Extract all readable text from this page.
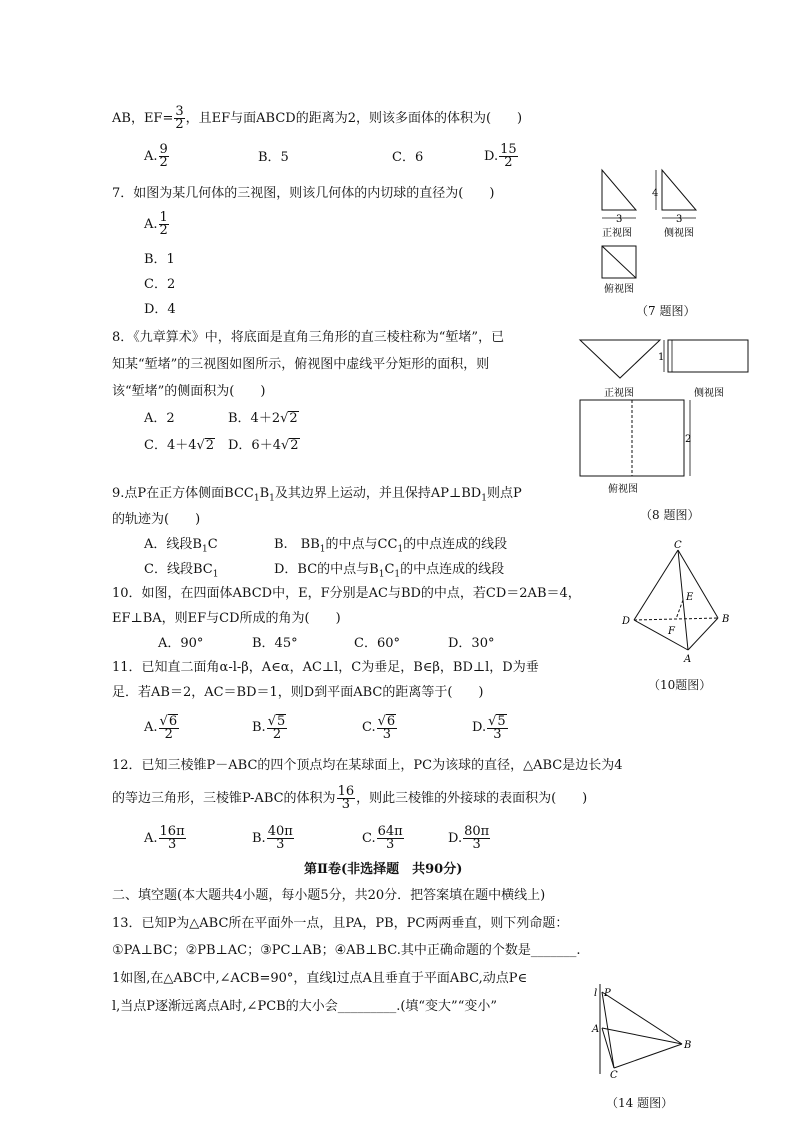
AB，$EF= \frac{3}{2}$ ，且EF与面ABCD的距离为2，则该多面体的体积为(　　)
A. $\frac{9}{2}$	B．5	C．6	D. $\frac{15}{2}$
7．如图为某几何体的三视图，则该几何体的内切球的直径为(　　)
A. $\frac{1}{2}$
B．1
C．2
D．4
3
正视图
4
3
侧视图
俯视图
（7 题图）
8．《九章算术》中，将底面是直角三角形的直三棱柱称为“堑堵”，已
知某“堑堵”的三视图如图所示，俯视图中虚线平分矩形的面积，则
该“堑堵”的侧面积为(　　)
A．2	B．4＋2 √ 2
C．4＋4 √ 2 D．6＋4 √ 2
正视图
1
侧视图
2
俯视图
（8 题图）
9.点P在正方体侧面$BCC_1B_1$及其边界上运动，并且保持$AP\perp BD_1$则点P
的轨迹为(　　)
A．线段$B_1C$	B.　$BB_1$的中点与$CC_1$的中点连成的线段
C．线段$BC_1$	D．BC的中点与$B_1C_1$的中点连成的线段
10．如图，在四面体ABCD中，E，F分别是AC与BD的中点，若CD＝2AB＝4，
EF⊥BA，则EF与CD所成的角为(　　)
A．90°	B．45°	C．60°	D．30°
C
E
D	B
F
A
（10题图）
11．已知直二面角α-l-β，A∈α，AC⊥l，C为垂足，B∈β，BD⊥l，D为垂
足．若AB＝2，AC＝BD＝1，则D到平面ABC的距离等于(　　)
A. √ $\frac{6}{2}$	B. √ $\frac{5}{2}$	C. √ $\frac{6}{3}$	D. √ $\frac{5}{3}$
12．已知三棱锥P－ABC的四个顶点均在某球面上，PC为该球的直径，△ABC是边长为4
的等边三角形，三棱锥P-ABC的体积为 $\frac{16}{3}$ ，则此三棱锥的外接球的表面积为(　　)
A. $\frac{16\pi}{3}$	B. $\frac{40\pi}{3}$	C. $\frac{64\pi}{3}$	D. $\frac{80\pi}{3}$
第Ⅱ卷(非选择题　共90分)
二、填空题(本大题共4小题，每小题5分，共20分．把答案填在题中横线上)
13．已知P为△ABC所在平面外一点，且PA，PB，PC两两垂直，则下列命题：
①PA⊥BC；②PB⊥AC；③PC⊥AB；④AB⊥BC.其中正确命题的个数是_______.
1如图,在△ABC中,∠ACB=90°，直线l过点A且垂直于平面ABC,动点P∈
l,当点P逐渐远离点A时,∠PCB的大小会_________.(填“变大”“变小”
l P
A
B
C
（14 题图）
